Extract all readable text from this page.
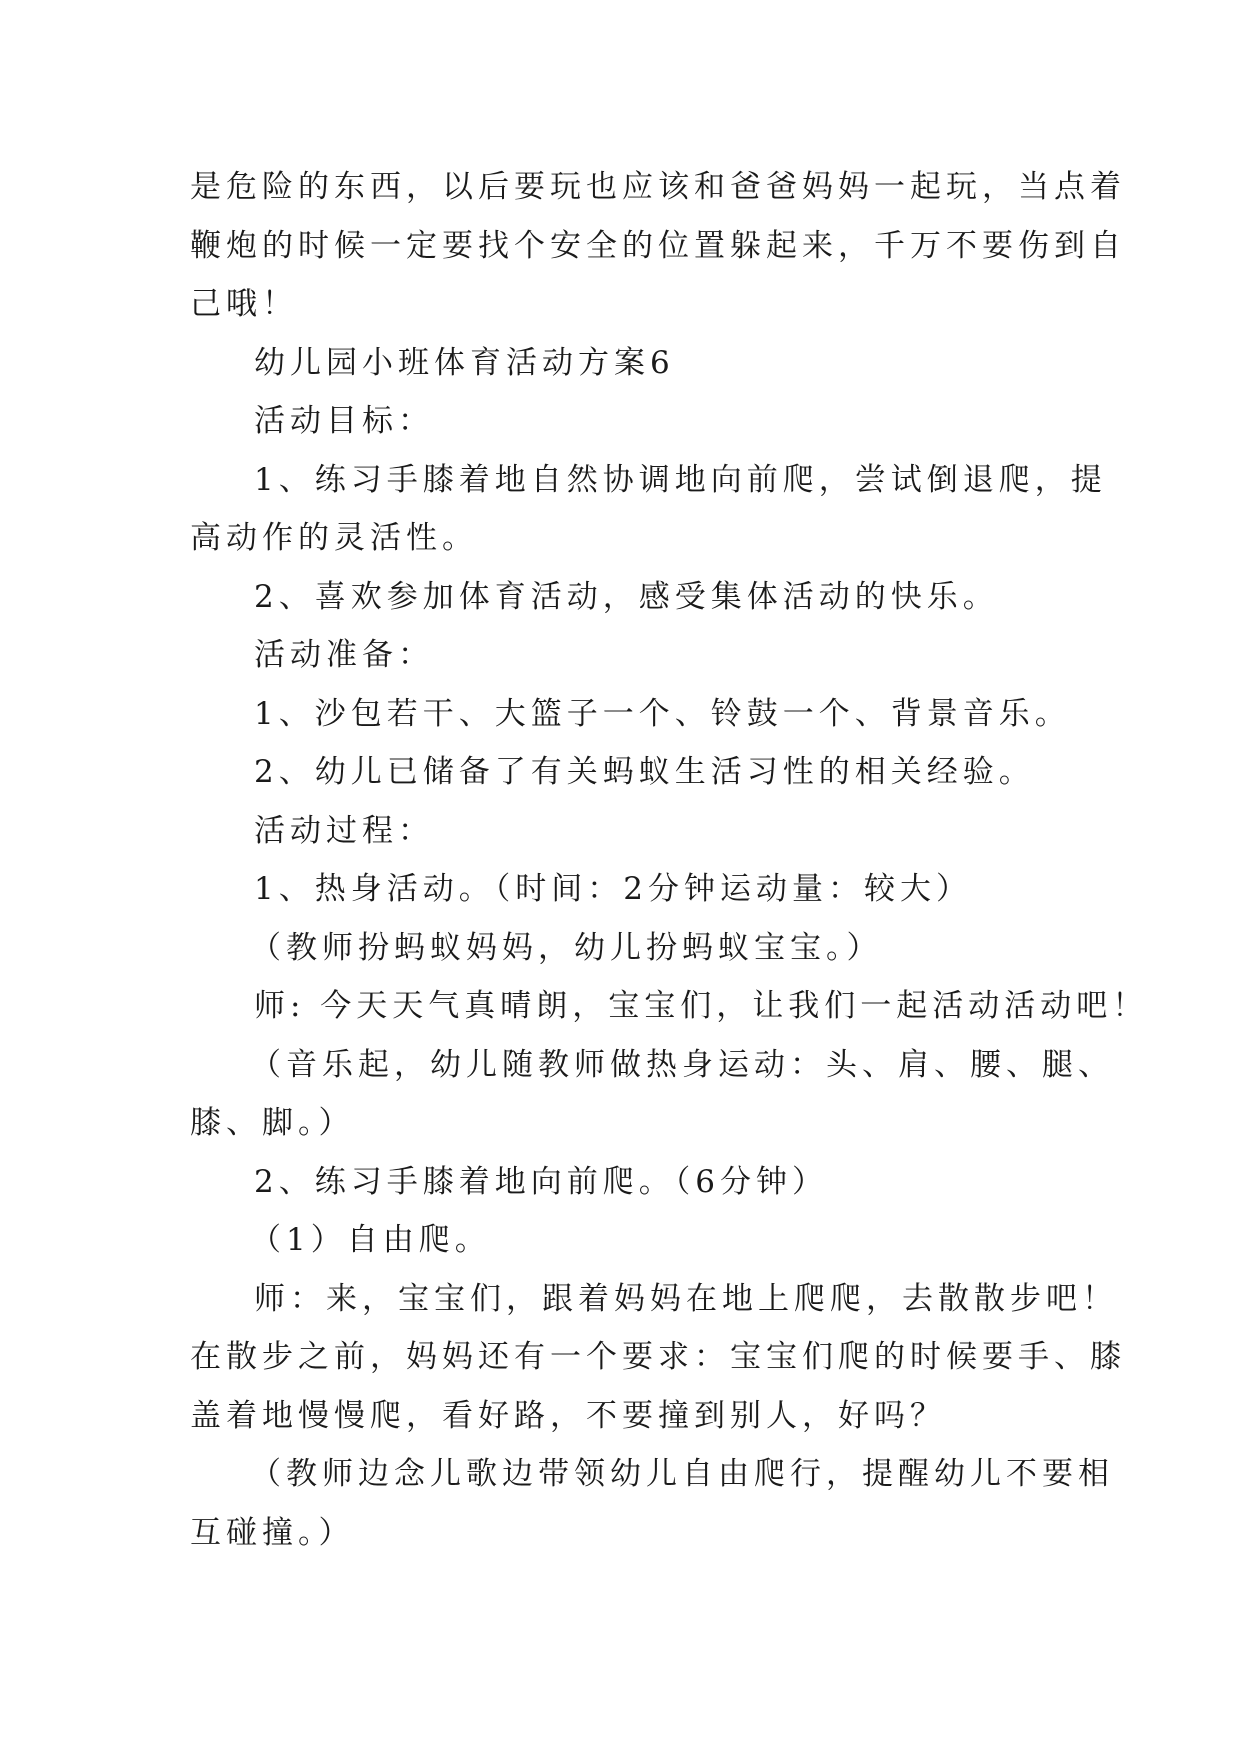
是危险的东西，以后要玩也应该和爸爸妈妈一起玩，当点着
鞭炮的时候一定要找个安全的位置躲起来，千万不要伤到自
己哦！
幼儿园小班体育活动方案6
活动目标：
1、练习手膝着地自然协调地向前爬，尝试倒退爬，提
高动作的灵活性。
2、喜欢参加体育活动，感受集体活动的快乐。
活动准备：
1、沙包若干、大篮子一个、铃鼓一个、背景音乐。
2、幼儿已储备了有关蚂蚁生活习性的相关经验。
活动过程：
1、热身活动。（时间：2分钟运动量：较大）
（教师扮蚂蚁妈妈，幼儿扮蚂蚁宝宝。）
师: 今天天气真晴朗，宝宝们，让我们一起活动活动吧！
（音乐起，幼儿随教师做热身运动：头、肩、腰、腿、
膝、脚。）
2、练习手膝着地向前爬。（6分钟）
（1）自由爬。
师：来，宝宝们，跟着妈妈在地上爬爬，去散散步吧！
在散步之前，妈妈还有一个要求：宝宝们爬的时候要手、膝
盖着地慢慢爬，看好路，不要撞到别人，好吗？
（教师边念儿歌边带领幼儿自由爬行，提醒幼儿不要相
互碰撞。）
